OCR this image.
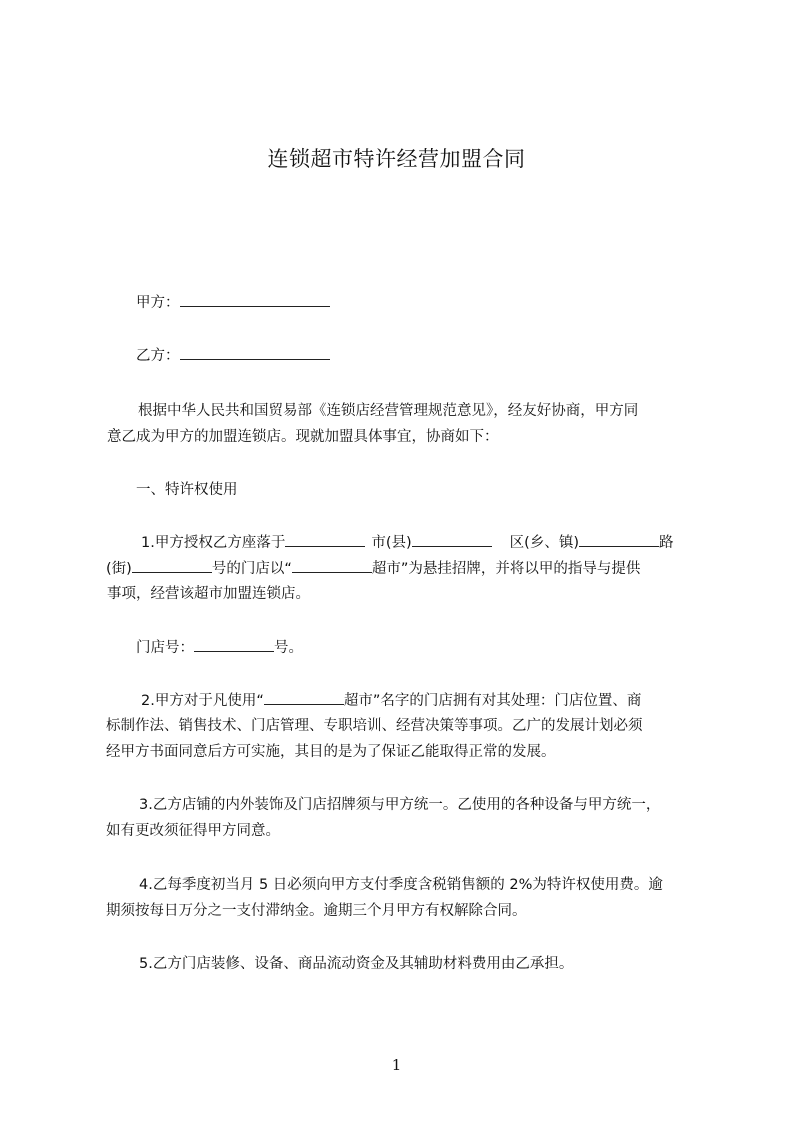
连锁超市特许经营加盟合同
甲方：
乙方：
根据中华人民共和国贸易部《连锁店经营管理规范意见》，经友好协商，甲方同
意乙成为甲方的加盟连锁店。现就加盟具体事宜，协商如下：
一、特许权使用
1.甲方授权乙方座落于	市(县)	区(乡、镇)	路
(街)	号的门店以“	超市”为悬挂招牌，并将以甲的指导与提供
事项，经营该超市加盟连锁店。
门店号：	号。
2.甲方对于凡使用“	超市”名字的门店拥有对其处理：门店位置、商
标制作法、销售技术、门店管理、专职培训、经营决策等事项。乙广的发展计划必须
经甲方书面同意后方可实施，其目的是为了保证乙能取得正常的发展。
3.乙方店铺的内外装饰及门店招牌须与甲方统一。乙使用的各种设备与甲方统一，
如有更改须征得甲方同意。
4.乙每季度初当月 5 日必须向甲方支付季度含税销售额的 2%为特许权使用费。逾
期须按每日万分之一支付滞纳金。逾期三个月甲方有权解除合同。
5.乙方门店装修、设备、商品流动资金及其辅助材料费用由乙承担。
1
